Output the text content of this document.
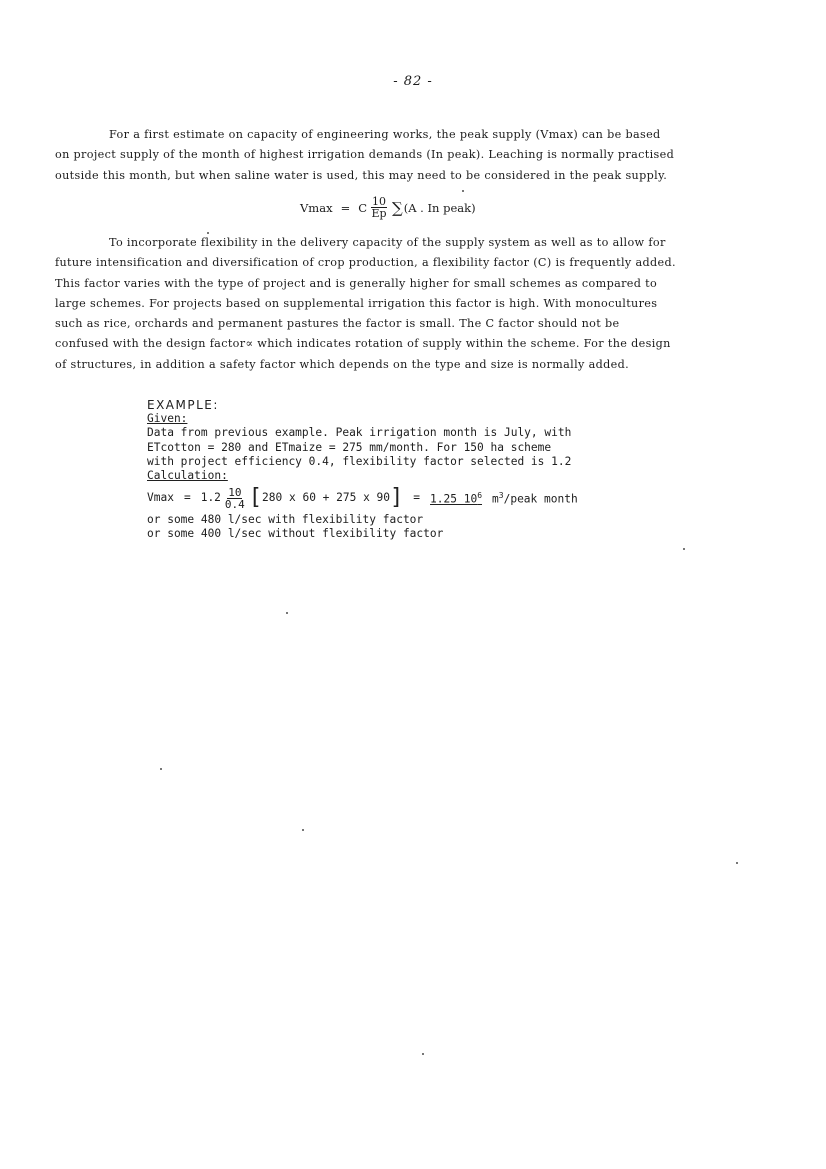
- 82 -
For a first estimate on capacity of engineering works, the peak supply (Vmax) can be based
on project supply of the month of highest irrigation demands (In peak). Leaching is normally practised
outside this month, but when saline water is used, this may need to be considered in the peak supply.
Vmax = C $\frac{10}{Ep}$ ∑ (A . In peak)
To incorporate flexibility in the delivery capacity of the supply system as well as to allow for
future intensification and diversification of crop production, a flexibility factor (C) is frequently added.
This factor varies with the type of project and is generally higher for small schemes as compared to
large schemes. For projects based on supplemental irrigation this factor is high. With monocultures
such as rice, orchards and permanent pastures the factor is small. The C factor should not be
confused with the design factor∝ which indicates rotation of supply within the scheme. For the design
of structures, in addition a safety factor which depends on the type and size is normally added.
EXAMPLE:
Given:
Data from previous example. Peak irrigation month is July, with
ETcotton = 280 and ETmaize = 275 mm/month. For 150 ha scheme
with project efficiency 0.4, flexibility factor selected is 1.2
Calculation:
$Vmax = 1.2 \frac{10}{0.4}$ [ 280 x 60 + 275 x 90 ] = 1.25 $10^6$ $m^3$/peak month
or some 480 l/sec with flexibility factor
or some 400 l/sec without flexibility factor
